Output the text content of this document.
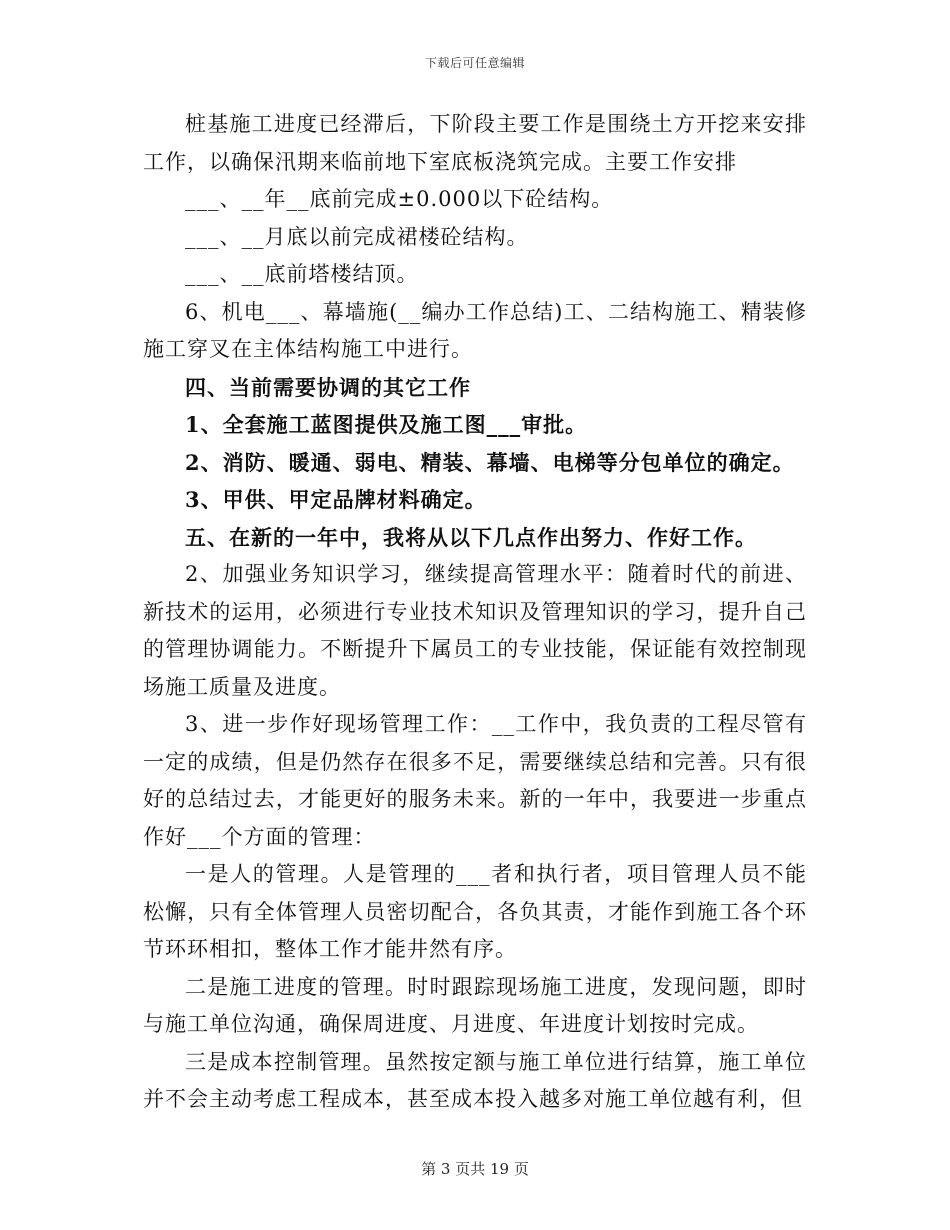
下载后可任意编辑

桩基施工进度已经滞后，下阶段主要工作是围绕土方开挖来安排工作，以确保汛期来临前地下室底板浇筑完成。主要工作安排

___、__年__底前完成±0.000以下砼结构。

___、__月底以前完成裙楼砼结构。

___、__底前塔楼结顶。

6、机电___、幕墙施(__编办工作总结)工、二结构施工、精装修施工穿叉在主体结构施工中进行。

四、当前需要协调的其它工作

1、全套施工蓝图提供及施工图___审批。

2、消防、暖通、弱电、精装、幕墙、电梯等分包单位的确定。

3、甲供、甲定品牌材料确定。

五、在新的一年中，我将从以下几点作出努力、作好工作。

2、加强业务知识学习，继续提高管理水平：随着时代的前进、新技术的运用，必须进行专业技术知识及管理知识的学习，提升自己的管理协调能力。不断提升下属员工的专业技能，保证能有效控制现场施工质量及进度。

3、进一步作好现场管理工作：__工作中，我负责的工程尽管有一定的成绩，但是仍然存在很多不足，需要继续总结和完善。只有很好的总结过去，才能更好的服务未来。新的一年中，我要进一步重点作好___个方面的管理：

一是人的管理。人是管理的___者和执行者，项目管理人员不能松懈，只有全体管理人员密切配合，各负其责，才能作到施工各个环节环环相扣，整体工作才能井然有序。

二是施工进度的管理。时时跟踪现场施工进度，发现问题，即时与施工单位沟通，确保周进度、月进度、年进度计划按时完成。

三是成本控制管理。虽然按定额与施工单位进行结算，施工单位并不会主动考虑工程成本，甚至成本投入越多对施工单位越有利，但

第 3 页共 19 页
